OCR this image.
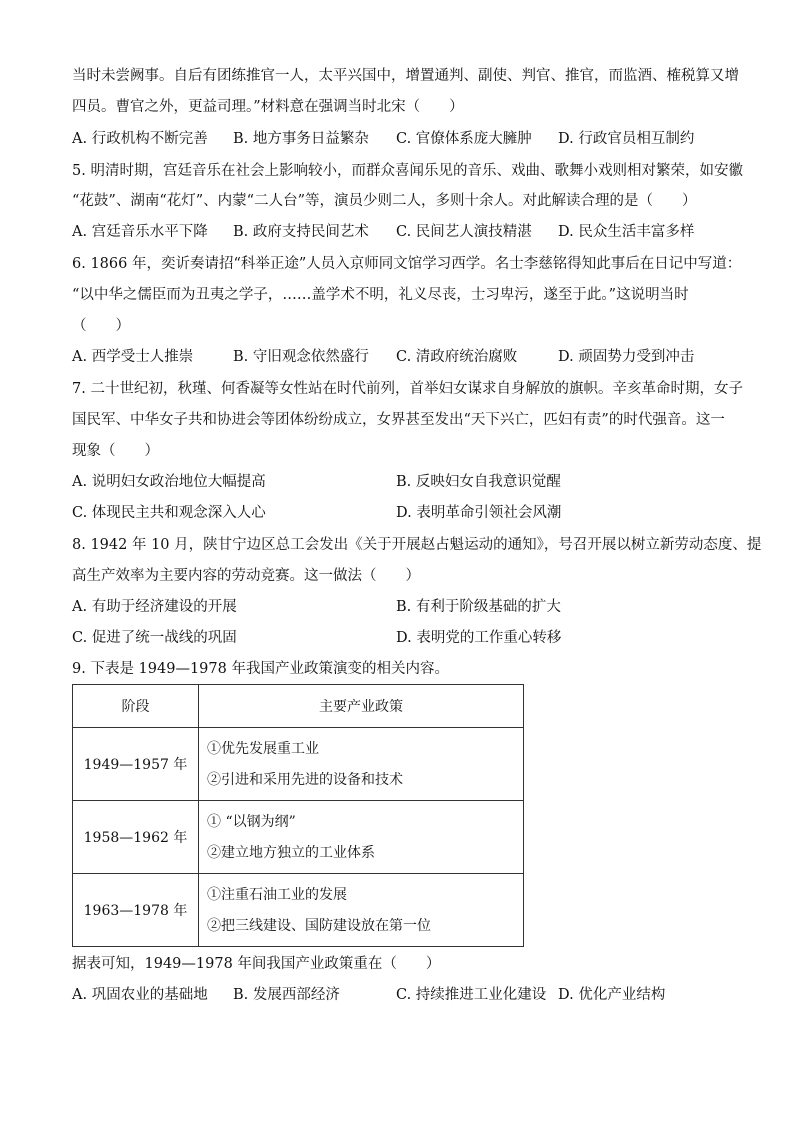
当时未尝阙事。自后有团练推官一人，太平兴国中，增置通判、副使、判官、推官，而监酒、榷税算又增
四员。曹官之外，更益司理。”材料意在强调当时北宋（　　）
A. 行政机构不断完善 B. 地方事务日益繁杂 C. 官僚体系庞大臃肿 D. 行政官员相互制约
5. 明清时期，宫廷音乐在社会上影响较小，而群众喜闻乐见的音乐、戏曲、歌舞小戏则相对繁荣，如安徽
“花鼓”、湖南“花灯”、内蒙“二人台”等，演员少则二人，多则十余人。对此解读合理的是（　　）
A. 宫廷音乐水平下降 B. 政府支持民间艺术 C. 民间艺人演技精湛 D. 民众生活丰富多样
6. 1866 年，奕䜣奏请招“科举正途”人员入京师同文馆学习西学。名士李慈铭得知此事后在日记中写道：
“以中华之儒臣而为丑夷之学子，……盖学术不明，礼义尽丧，士习卑污，遂至于此。”这说明当时
（　　）
A. 西学受士人推崇	B. 守旧观念依然盛行 C. 清政府统治腐败	D. 顽固势力受到冲击
7. 二十世纪初，秋瑾、何香凝等女性站在时代前列，首举妇女谋求自身解放的旗帜。辛亥革命时期，女子
国民军、中华女子共和协进会等团体纷纷成立，女界甚至发出“天下兴亡，匹妇有责”的时代强音。这一
现象（　　）
A. 说明妇女政治地位大幅提高	B. 反映妇女自我意识觉醒
C. 体现民主共和观念深入人心	D. 表明革命引领社会风潮
8. 1942 年 10 月，陕甘宁边区总工会发出《关于开展赵占魁运动的通知》，号召开展以树立新劳动态度、提
高生产效率为主要内容的劳动竞赛。这一做法（　　）
A. 有助于经济建设的开展	B. 有利于阶级基础的扩大
C. 促进了统一战线的巩固	D. 表明党的工作重心转移
9. 下表是 1949—1978 年我国产业政策演变的相关内容。
阶段	主要产业政策
1949—1957 年	①优先发展重工业
②引进和采用先进的设备和技术

1958—1962 年	① “以钢为纲”
②建立地方独立的工业体系

1963—1978 年	①注重石油工业的发展
②把三线建设、国防建设放在第一位
据表可知，1949—1978 年间我国产业政策重在（　　）
A. 巩固农业的基础地 B. 发展西部经济	C. 持续推进工业化建设 D. 优化产业结构
